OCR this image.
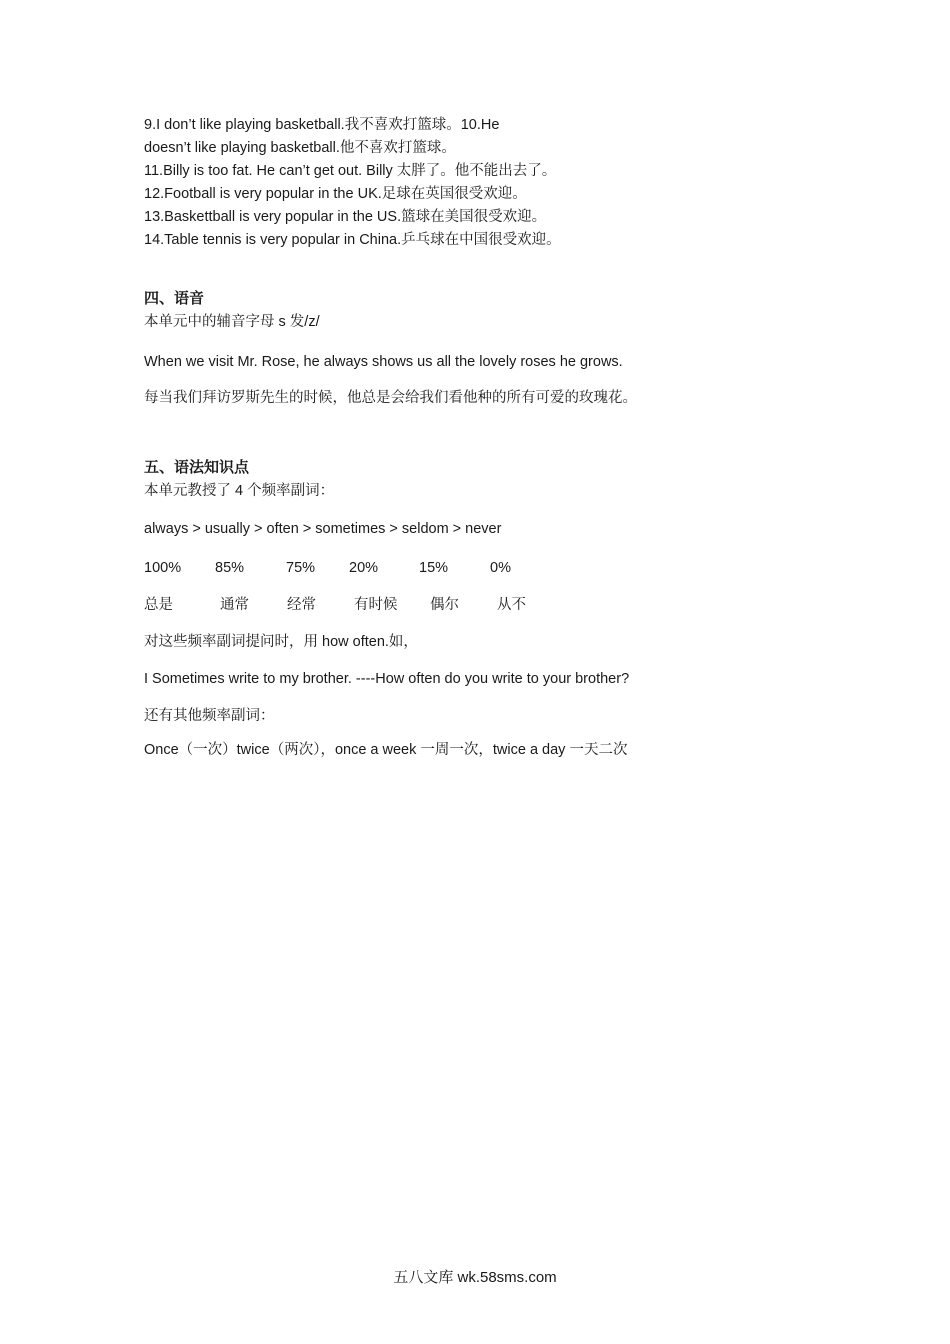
9.I don’t like playing basketball.我不喜欢打篮球。10.He
doesn’t like playing basketball.他不喜欢打篮球。
11.Billy is too fat. He can’t get out. Billy 太胖了。他不能出去了。
12.Football is very popular in the UK.足球在英国很受欢迎。
13.Baskettball is very popular in the US.篮球在美国很受欢迎。
14.Table tennis is very popular in China.乒乓球在中国很受欢迎。
四、语音
本单元中的辅音字母 s 发/z/
When we visit Mr. Rose, he always shows us all the lovely roses he grows.
每当我们拜访罗斯先生的时候，他总是会给我们看他种的所有可爱的玫瑰花。
五、语法知识点
本单元教授了 4 个频率副词：
always > usually > often > sometimes > seldom > never
100% 85%	75% 20%	15%	0%
总是	通常	经常	有时候 偶尔	从不
对这些频率副词提问时，用 how often.如，
I Sometimes write to my brother. ----How often do you write to your brother?
还有其他频率副词：
Once（一次）twice（两次），once a week 一周一次，twice a day 一天二次
五八文库 wk.58sms.com
